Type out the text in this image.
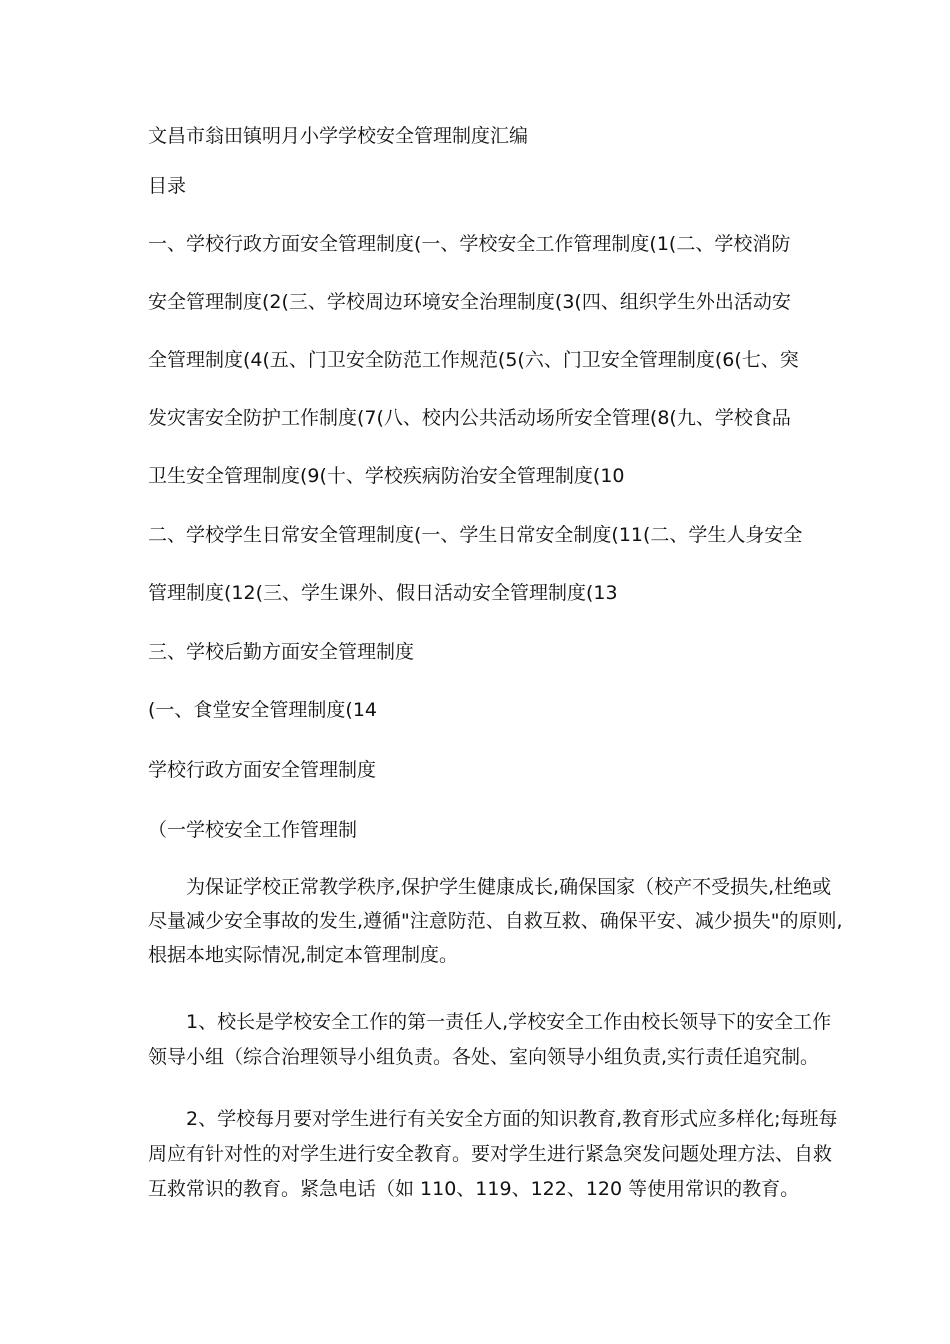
文昌市翁田镇明月小学学校安全管理制度汇编
目录
一、学校行政方面安全管理制度(一、学校安全工作管理制度(1(二、学校消防
安全管理制度(2(三、学校周边环境安全治理制度(3(四、组织学生外出活动安
全管理制度(4(五、门卫安全防范工作规范(5(六、门卫安全管理制度(6(七、突
发灾害安全防护工作制度(7(八、校内公共活动场所安全管理(8(九、学校食品
卫生安全管理制度(9(十、学校疾病防治安全管理制度(10
二、学校学生日常安全管理制度(一、学生日常安全制度(11(二、学生人身安全
管理制度(12(三、学生课外、假日活动安全管理制度(13
三、学校后勤方面安全管理制度
(一、食堂安全管理制度(14
学校行政方面安全管理制度
（一学校安全工作管理制
　　为保证学校正常教学秩序,保护学生健康成长,确保国家（校产不受损失,杜绝或
尽量减少安全事故的发生,遵循"注意防范、自救互救、确保平安、减少损失"的原则,
根据本地实际情况,制定本管理制度。
　　1、校长是学校安全工作的第一责任人,学校安全工作由校长领导下的安全工作
领导小组（综合治理领导小组负责。各处、室向领导小组负责,实行责任追究制。
　　2、学校每月要对学生进行有关安全方面的知识教育,教育形式应多样化;每班每
周应有针对性的对学生进行安全教育。要对学生进行紧急突发问题处理方法、自救
互救常识的教育。紧急电话（如 110、119、122、120 等使用常识的教育。
